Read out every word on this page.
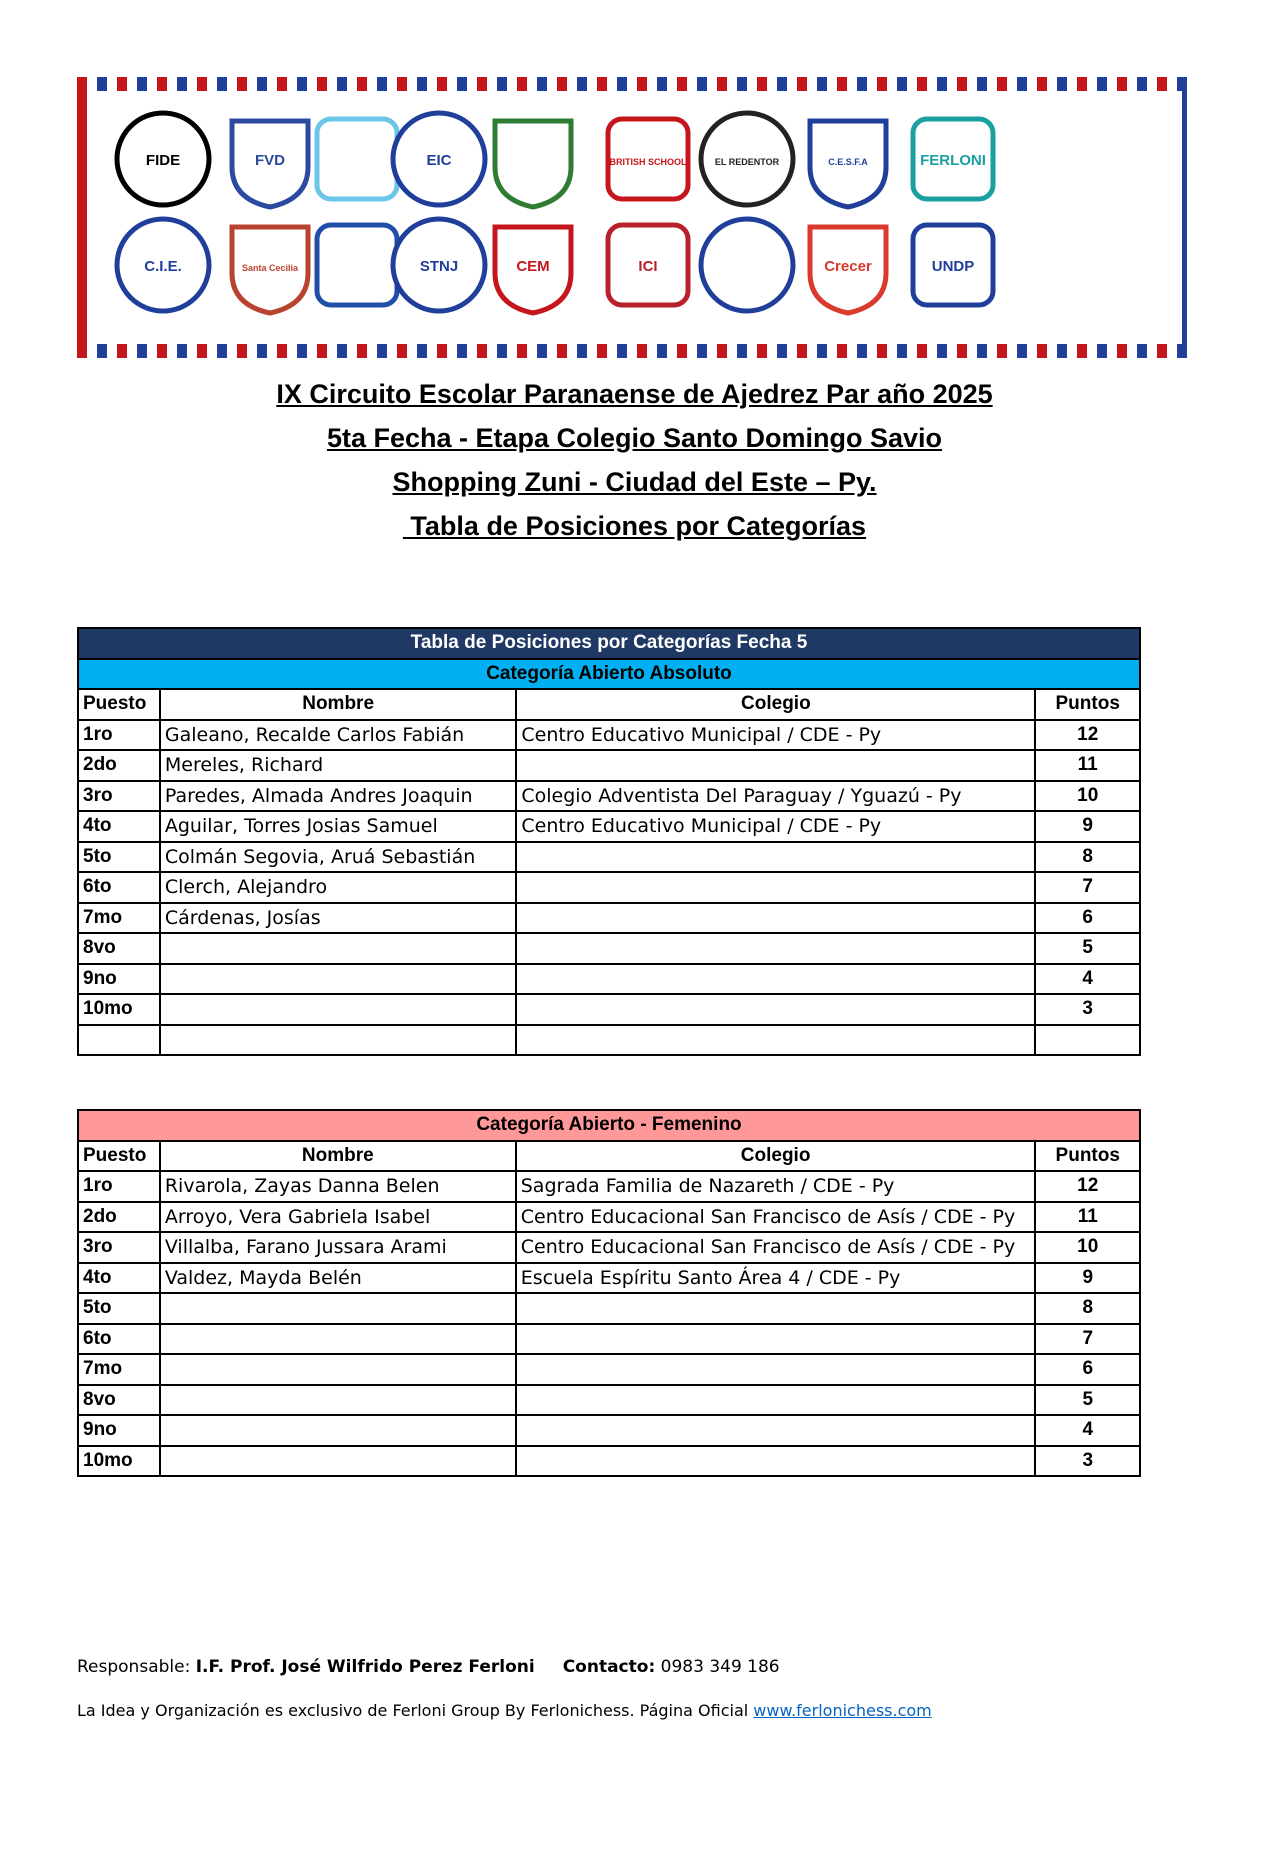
FIDE	FVD	EIC	BRITISH SCHOOL	EL REDENTOR	C.E.S.F.A	FERLONI
C.I.E.	Santa Cecilia	STNJ	CEM	ICI	Crecer	UNDP
IX Circuito Escolar Paranaense de Ajedrez Par año 2025
5ta Fecha - Etapa Colegio Santo Domingo Savio
Shopping Zuni - Ciudad del Este – Py.
Tabla de Posiciones por Categorías
Tabla de Posiciones por Categorías Fecha 5			
Categoría Abierto Absoluto			
Puesto	Nombre	Colegio	Puntos
1ro	Galeano, Recalde Carlos Fabián	Centro Educativo Municipal / CDE - Py	12
2do	Mereles, Richard		11
3ro	Paredes, Almada Andres Joaquin	Colegio Adventista Del Paraguay / Yguazú - Py	10
4to	Aguilar, Torres Josias Samuel	Centro Educativo Municipal / CDE - Py	9
5to	Colmán Segovia, Aruá Sebastián		8
6to	Clerch, Alejandro		7
7mo	Cárdenas, Josías		6
8vo			5
9no			4
10mo			3

Categoría Abierto - Femenino			
Puesto	Nombre	Colegio	Puntos
1ro	Rivarola, Zayas Danna Belen	Sagrada Familia de Nazareth / CDE - Py	12
2do	Arroyo, Vera Gabriela Isabel	Centro Educacional San Francisco de Asís / CDE - Py	11
3ro	Villalba, Farano Jussara Arami	Centro Educacional San Francisco de Asís / CDE - Py	10
4to	Valdez, Mayda Belén	Escuela Espíritu Santo Área 4 / CDE - Py	9
5to			8
6to			7
7mo			6
8vo			5
9no			4
10mo			3
Responsable: I.F. Prof. José Wilfrido Perez Ferloni Contacto: 0983 349 186
La Idea y Organización es exclusivo de Ferloni Group By Ferlonichess. Página Oficial www.ferlonichess.com
